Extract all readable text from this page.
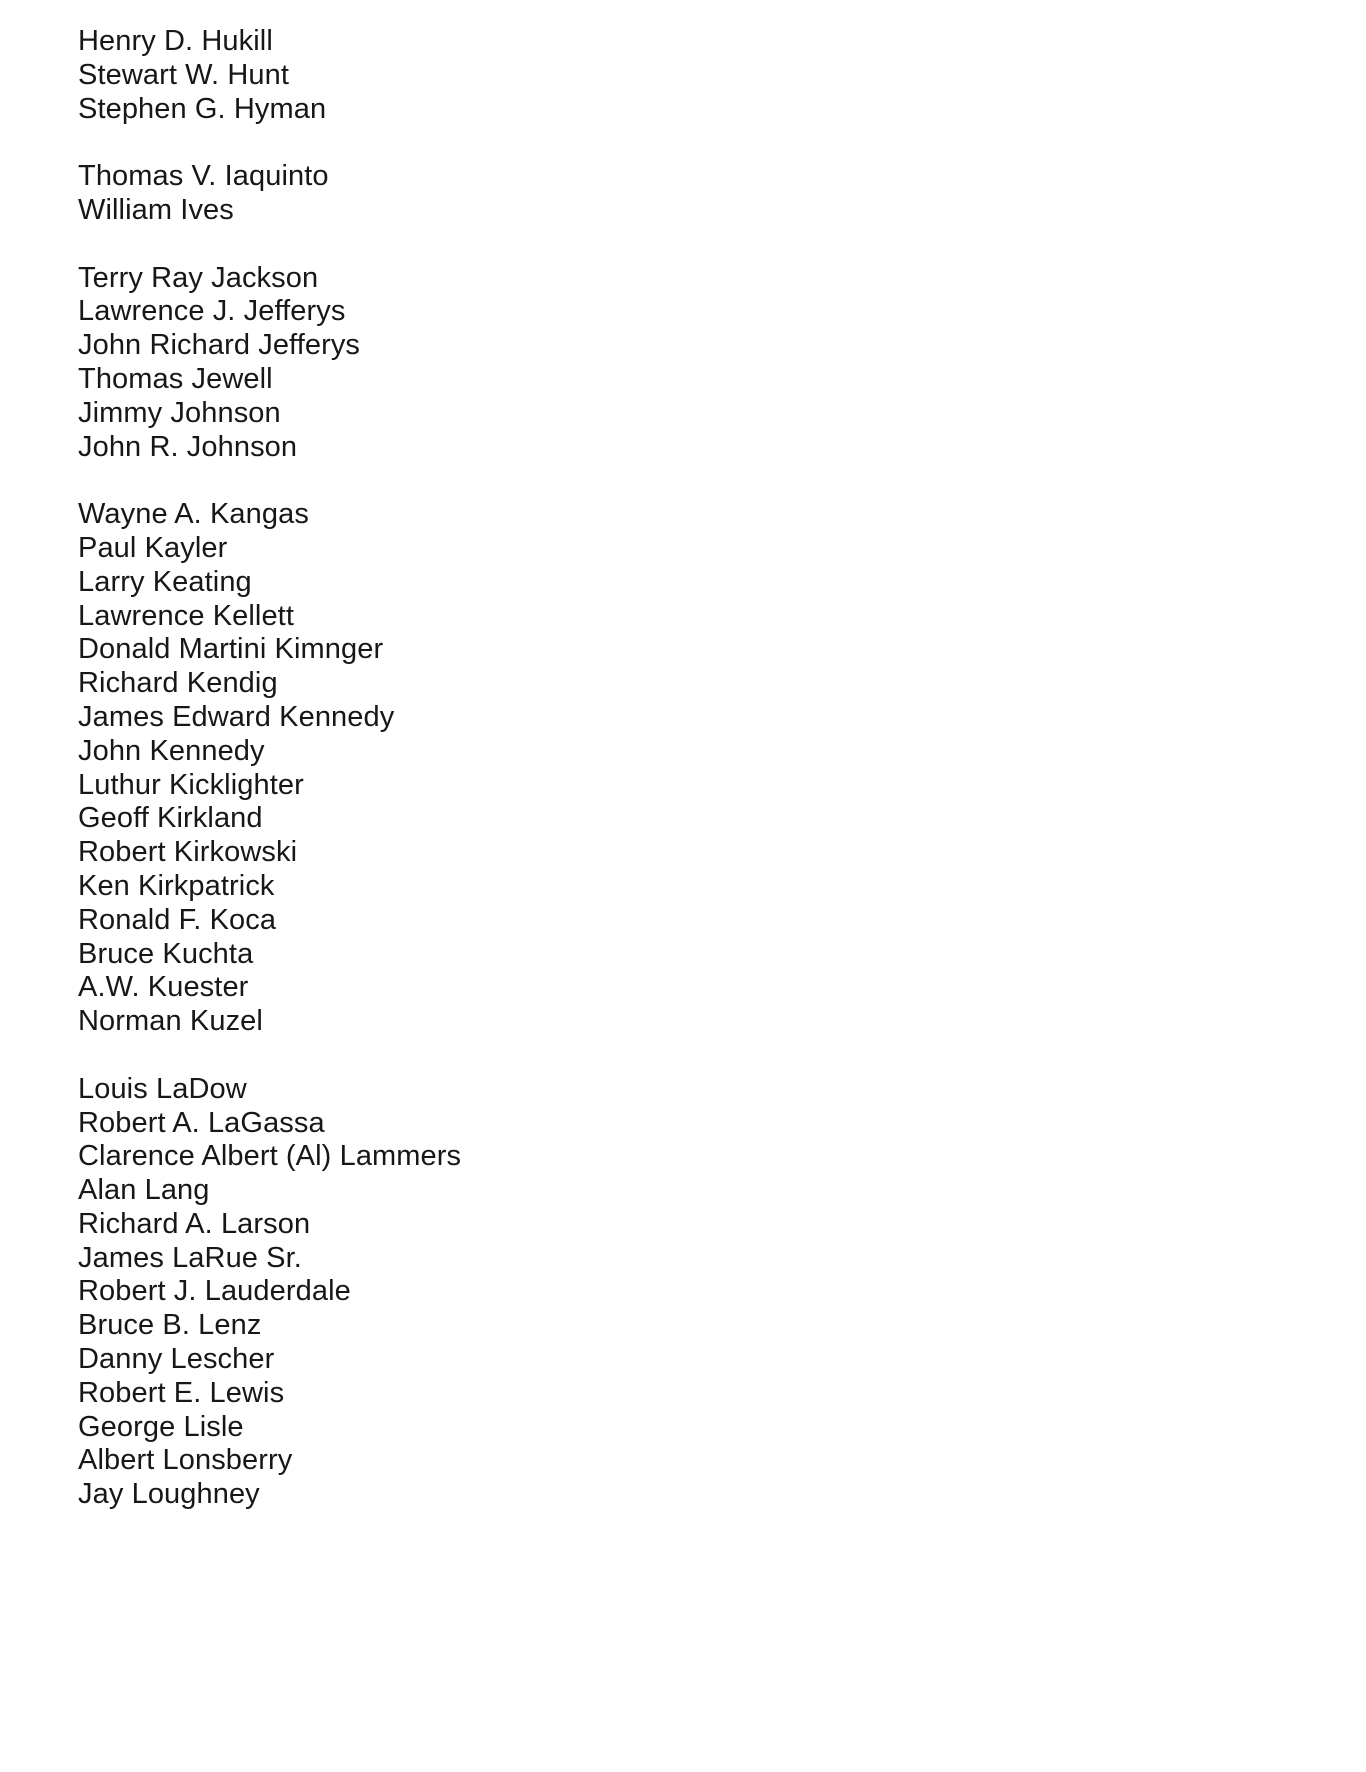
Henry D. Hukill
Stewart W. Hunt
Stephen G. Hyman
Thomas V. Iaquinto
William Ives
Terry Ray Jackson
Lawrence J. Jefferys
John Richard Jefferys
Thomas Jewell
Jimmy Johnson
John R. Johnson
Wayne A. Kangas
Paul Kayler
Larry Keating
Lawrence Kellett
Donald Martini Kimnger
Richard Kendig
James Edward Kennedy
John Kennedy
Luthur Kicklighter
Geoff Kirkland
Robert Kirkowski
Ken Kirkpatrick
Ronald F. Koca
Bruce Kuchta
A.W. Kuester
Norman Kuzel
Louis LaDow
Robert A. LaGassa
Clarence Albert (Al) Lammers
Alan Lang
Richard A. Larson
James LaRue Sr.
Robert J. Lauderdale
Bruce B. Lenz
Danny Lescher
Robert E. Lewis
George Lisle
Albert Lonsberry
Jay Loughney
